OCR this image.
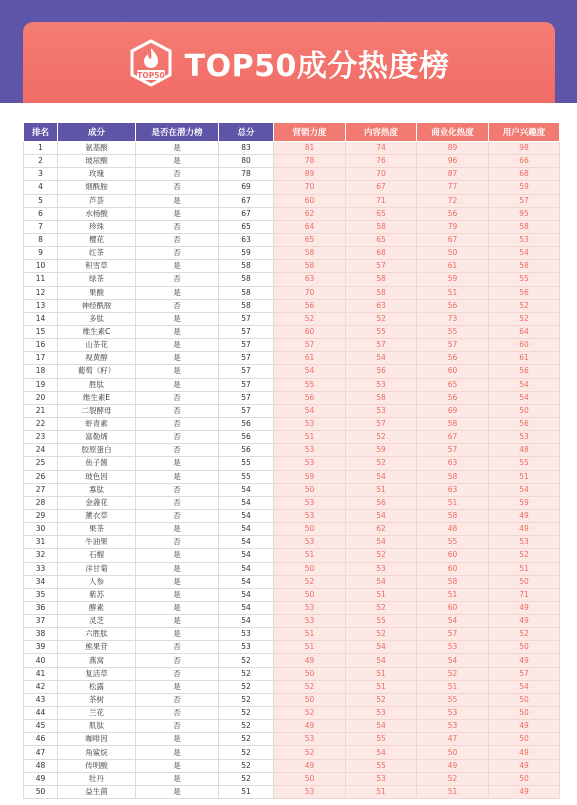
TOP50 TOP50成分热度榜
排名	成分	是否在潜力榜	总分	营销力度	内容热度	商业化热度	用户兴趣度
1	氨基酸	是	83	81	74	89	98
2	玻尿酸	是	80	78	76	96	66
3	玫瑰	否	78	89	70	87	68
4	烟酰胺	否	69	70	67	77	59
5	芦荟	是	67	60	71	72	57
6	水杨酸	是	67	62	65	56	95
7	珍珠	否	65	64	58	79	58
8	樱花	否	63	65	65	67	53
9	红茶	否	59	58	68	50	54
10	积雪草	是	58	58	57	61	58
11	绿茶	否	58	63	58	59	55
12	果酸	是	58	70	58	51	56
13	神经酰胺	否	58	56	63	56	52
14	多肽	是	57	52	52	73	52
15	维生素C	是	57	60	55	55	64
16	山茶花	是	57	57	57	57	60
17	视黄醇	是	57	61	54	56	61
18	葡萄（籽）	是	57	54	56	60	56
19	胜肽	是	57	55	53	65	54
20	维生素E	否	57	56	58	56	54
21	二裂酵母	否	57	54	53	69	50
22	虾青素	否	56	53	57	58	56
23	富勒烯	否	56	51	52	67	53
24	胶原蛋白	否	56	53	59	57	48
25	鱼子酱	是	55	53	52	63	55
26	玻色因	是	55	59	54	58	51
27	寡肽	否	54	50	51	63	54
28	金盏花	否	54	53	56	51	59
29	薰衣草	否	54	53	54	58	49
30	果茶	是	54	50	62	48	49
31	牛油果	否	54	53	54	55	53
32	石榴	是	54	51	52	60	52
33	洋甘菊	是	54	50	53	60	51
34	人参	是	54	52	54	58	50
35	紫苏	是	54	50	51	51	71
36	酵素	是	54	53	52	60	49
37	灵芝	是	54	53	55	54	49
38	六胜肽	是	53	51	52	57	52
39	熊果苷	否	53	51	54	53	50
40	燕窝	否	52	49	54	54	49
41	复活草	否	52	50	51	52	57
42	松露	是	52	52	51	51	54
43	茶树	否	52	50	52	55	50
44	兰花	否	52	52	53	53	50
45	肌肽	否	52	49	54	53	49
46	咖啡因	是	52	53	55	47	50
47	角鲨烷	是	52	52	54	50	49
48	传明酸	是	52	49	55	49	49
49	牡丹	是	52	50	53	52	50
50	益生菌	是	51	53	51	51	49
